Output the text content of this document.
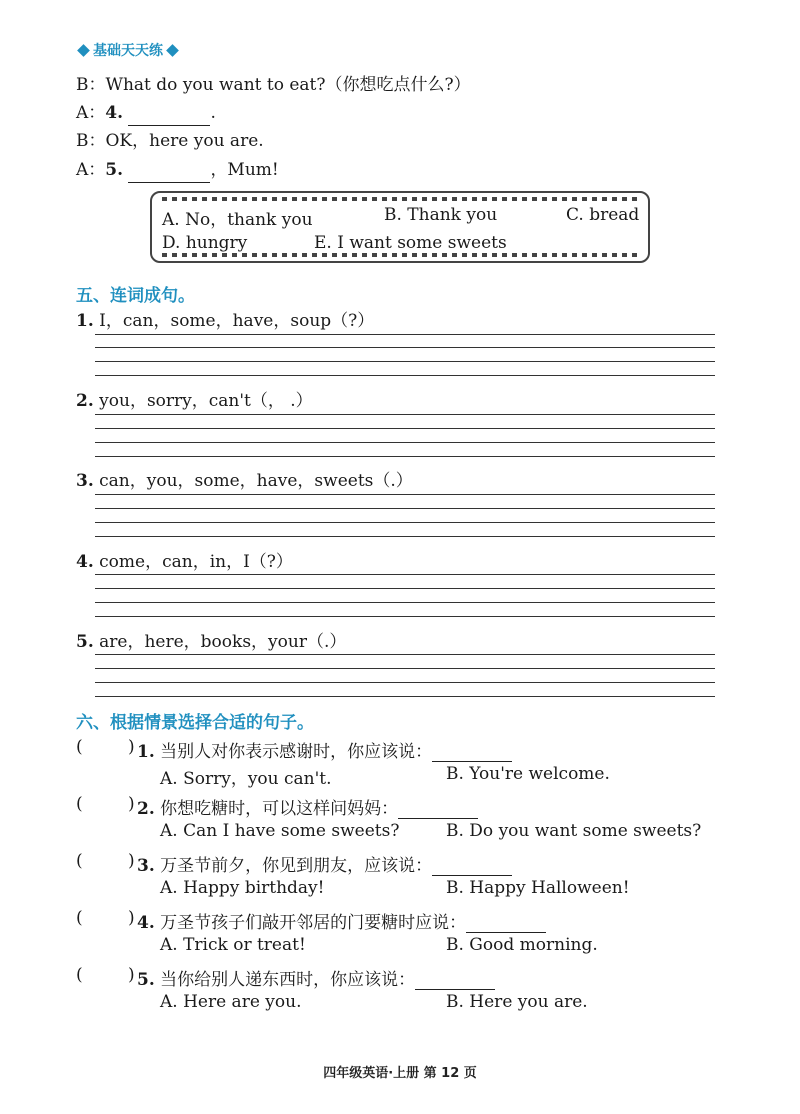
基础天天练
B：What do you want to eat?（你想吃点什么?）
A：4.	.
B：OK，here you are.
A：5.	，Mum!
A. No，thank you	B. Thank you	C. bread
D. hungry	E. I want some sweets
五、连词成句。
1. I，can，some，have，soup（?）
2. you，sorry，can't（， .）
3. can，you，some，have，sweets（.）
4. come，can，in，I（?）
5. are，here，books，your（.）
六、根据情景选择合适的句子。
(	) 1. 当别人对你表示感谢时，你应该说：
A. Sorry，you can't.	B. You're welcome.
(	) 2. 你想吃糖时，可以这样问妈妈：
A. Can I have some sweets?	B. Do you want some sweets?
(	) 3. 万圣节前夕，你见到朋友，应该说：
A. Happy birthday!	B. Happy Halloween!
(	) 4. 万圣节孩子们敲开邻居的门要糖时应说：
A. Trick or treat!	B. Good morning.
(	) 5. 当你给别人递东西时，你应该说：
A. Here are you.	B. Here you are.
四年级英语·上册 第 12 页
